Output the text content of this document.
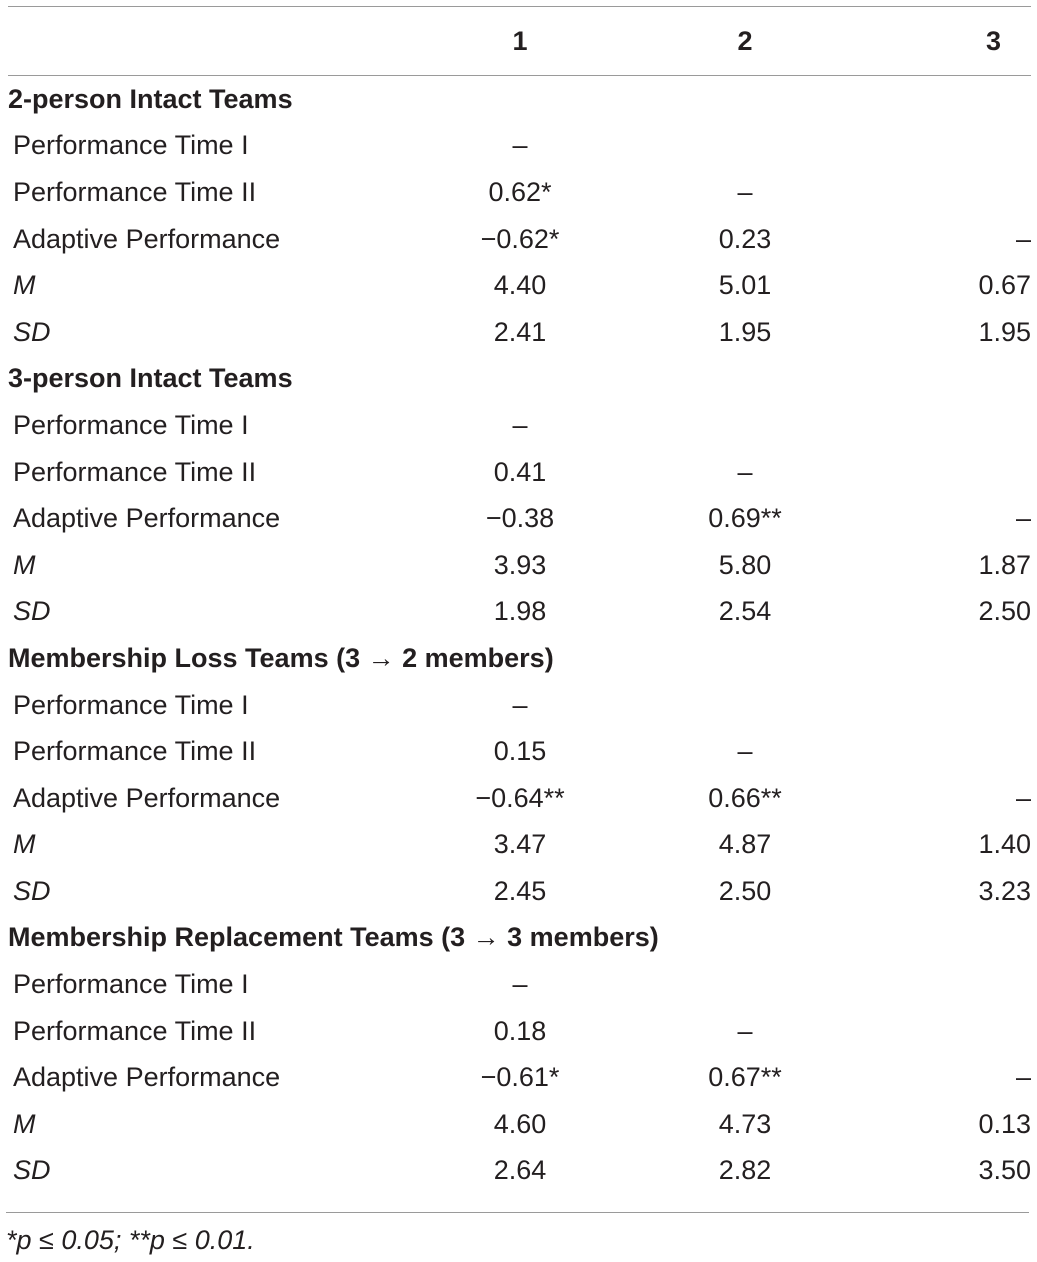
	1	2	3
2-person Intact Teams			
Performance Time I	–		
Performance Time II	0.62*	–	
Adaptive Performance	−0.62*	0.23	–
M	4.40	5.01	0.67
SD	2.41	1.95	1.95
3-person Intact Teams			
Performance Time I	–		
Performance Time II	0.41	–	
Adaptive Performance	−0.38	0.69**	–
M	3.93	5.80	1.87
SD	1.98	2.54	2.50
Membership Loss Teams (3 → 2 members)			
Performance Time I	–		
Performance Time II	0.15	–	
Adaptive Performance	−0.64**	0.66**	–
M	3.47	4.87	1.40
SD	2.45	2.50	3.23
Membership Replacement Teams (3 → 3 members)			
Performance Time I	–		
Performance Time II	0.18	–	
Adaptive Performance	−0.61*	0.67**	–
M	4.60	4.73	0.13
SD	2.64	2.82	3.50
*p ≤ 0.05; **p ≤ 0.01.
